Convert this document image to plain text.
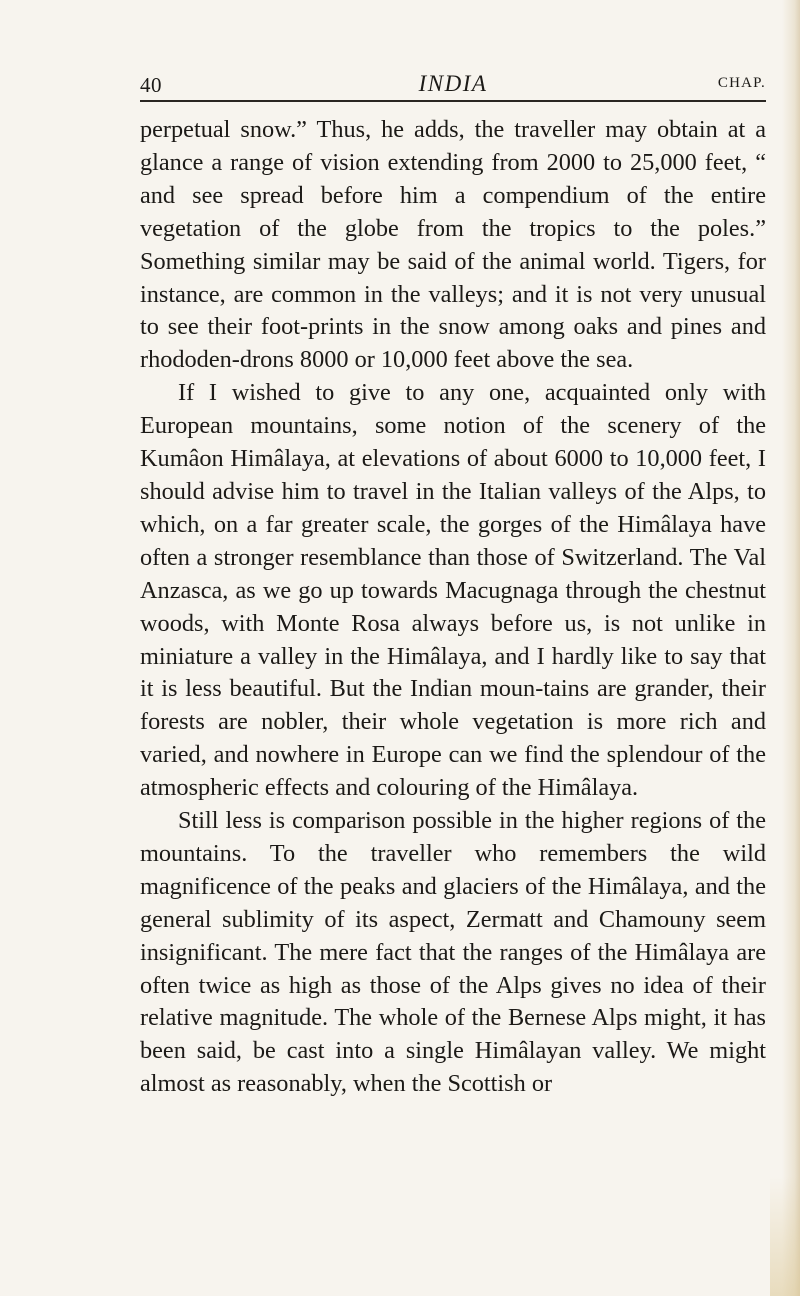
40	INDIA	CHAP.

perpetual snow.” Thus, he adds, the traveller may obtain at a glance a range of vision extending from 2000 to 25,000 feet, “ and see spread before him a compendium of the entire vegetation of the globe from the tropics to the poles.” Something similar may be said of the animal world. Tigers, for instance, are common in the valleys; and it is not very unusual to see their foot-prints in the snow among oaks and pines and rhododen-drons 8000 or 10,000 feet above the sea.

If I wished to give to any one, acquainted only with European mountains, some notion of the scenery of the Kumâon Himâlaya, at elevations of about 6000 to 10,000 feet, I should advise him to travel in the Italian valleys of the Alps, to which, on a far greater scale, the gorges of the Himâlaya have often a stronger resemblance than those of Switzerland. The Val Anzasca, as we go up towards Macugnaga through the chestnut woods, with Monte Rosa always before us, is not unlike in miniature a valley in the Himâlaya, and I hardly like to say that it is less beautiful. But the Indian moun-tains are grander, their forests are nobler, their whole vegetation is more rich and varied, and nowhere in Europe can we find the splendour of the atmospheric effects and colouring of the Himâlaya.

Still less is comparison possible in the higher regions of the mountains. To the traveller who remembers the wild magnificence of the peaks and glaciers of the Himâlaya, and the general sublimity of its aspect, Zermatt and Chamouny seem insignificant. The mere fact that the ranges of the Himâlaya are often twice as high as those of the Alps gives no idea of their relative magnitude. The whole of the Bernese Alps might, it has been said, be cast into a single Himâlayan valley. We might almost as reasonably, when the Scottish or
